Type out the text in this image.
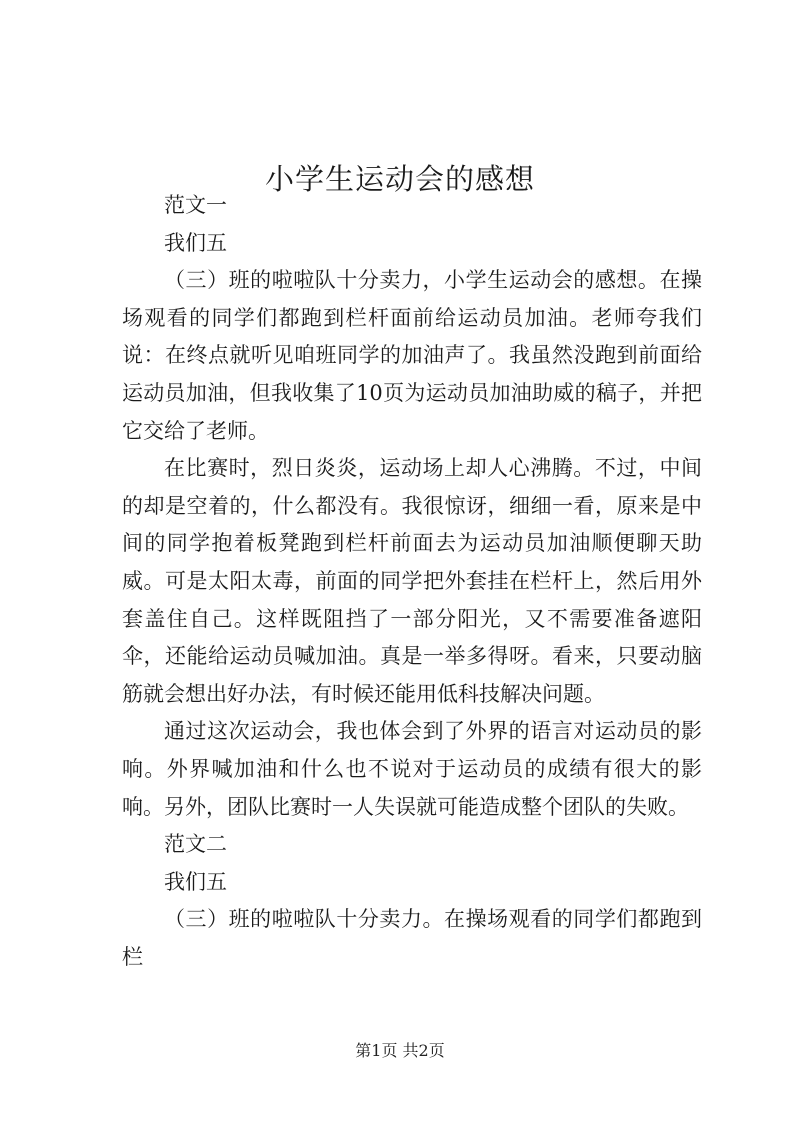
小学生运动会的感想

范文一

我们五

（三）班的啦啦队十分卖力，小学生运动会的感想。在操场观看的同学们都跑到栏杆面前给运动员加油。老师夸我们说：在终点就听见咱班同学的加油声了。我虽然没跑到前面给运动员加油，但我收集了10页为运动员加油助威的稿子，并把它交给了老师。

在比赛时，烈日炎炎，运动场上却人心沸腾。不过，中间的却是空着的，什么都没有。我很惊讶，细细一看，原来是中间的同学抱着板凳跑到栏杆前面去为运动员加油顺便聊天助威。可是太阳太毒，前面的同学把外套挂在栏杆上，然后用外套盖住自己。这样既阻挡了一部分阳光，又不需要准备遮阳伞，还能给运动员喊加油。真是一举多得呀。看来，只要动脑筋就会想出好办法，有时候还能用低科技解决问题。

通过这次运动会，我也体会到了外界的语言对运动员的影响。外界喊加油和什么也不说对于运动员的成绩有很大的影响。另外，团队比赛时一人失误就可能造成整个团队的失败。

范文二

我们五

（三）班的啦啦队十分卖力。在操场观看的同学们都跑到栏

第1页 共2页
